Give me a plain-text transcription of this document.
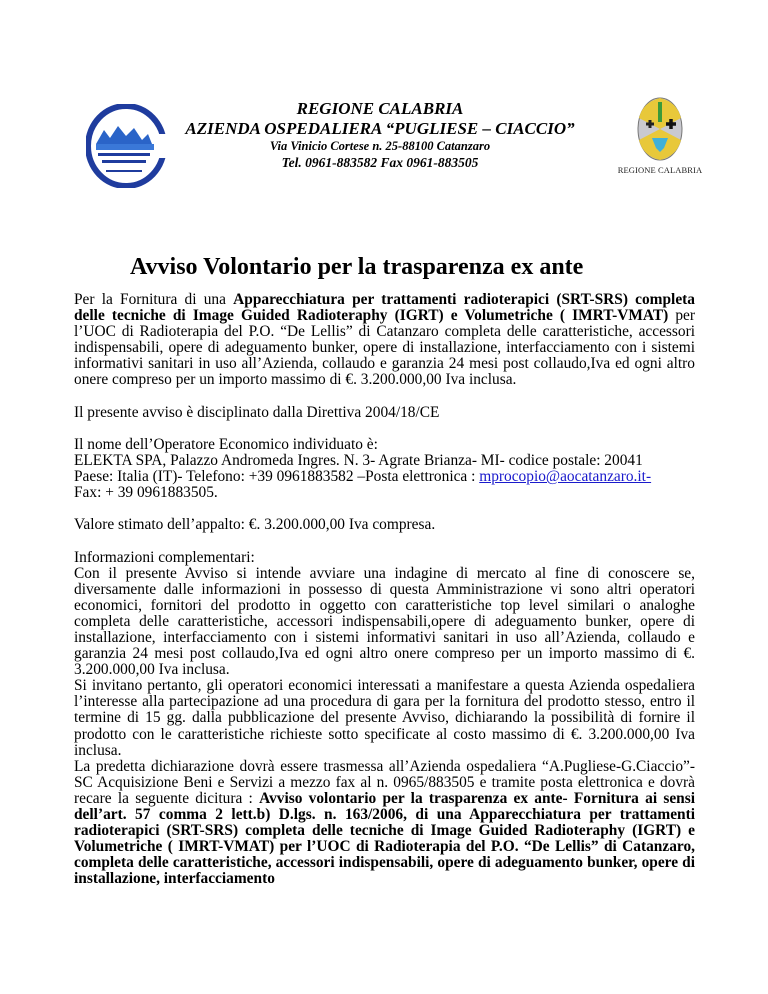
REGIONE CALABRIA
AZIENDA OSPEDALIERA “PUGLIESE – CIACCIO”
Via Vinicio Cortese n. 25-88100 Catanzaro
Tel. 0961-883582 Fax 0961-883505	REGIONE CALABRIA
Avviso Volontario per la trasparenza ex ante

Per la Fornitura di una Apparecchiatura per trattamenti radioterapici (SRT-SRS) completa delle tecniche di Image Guided Radioteraphy (IGRT) e Volumetriche ( IMRT-VMAT) per l’UOC di Radioterapia del P.O. “De Lellis” di Catanzaro completa delle caratteristiche, accessori indispensabili, opere di adeguamento bunker, opere di installazione, interfacciamento con i sistemi informativi sanitari in uso all’Azienda, collaudo e garanzia 24 mesi post collaudo,Iva ed ogni altro onere compreso per un importo massimo di €. 3.200.000,00 Iva inclusa.

Il presente avviso è disciplinato dalla Direttiva 2004/18/CE

Il nome dell’Operatore Economico individuato è:

ELEKTA SPA, Palazzo Andromeda Ingres. N. 3- Agrate Brianza- MI- codice postale: 20041

Paese: Italia (IT)- Telefono: +39 0961883582 –Posta elettronica : mprocopio@aocatanzaro.it-

Fax: + 39 0961883505.

Valore stimato dell’appalto: €. 3.200.000,00 Iva compresa.

Informazioni complementari:

Con il presente Avviso si intende avviare una indagine di mercato al fine di conoscere se, diversamente dalle informazioni in possesso di questa Amministrazione vi sono altri operatori economici, fornitori del prodotto in oggetto con caratteristiche top level similari o analoghe completa delle caratteristiche, accessori indispensabili,opere di adeguamento bunker, opere di installazione, interfacciamento con i sistemi informativi sanitari in uso all’Azienda, collaudo e garanzia 24 mesi post collaudo,Iva ed ogni altro onere compreso per un importo massimo di €. 3.200.000,00 Iva inclusa.

Si invitano pertanto, gli operatori economici interessati a manifestare a questa Azienda ospedaliera l’interesse alla partecipazione ad una procedura di gara per la fornitura del prodotto stesso, entro il termine di 15 gg. dalla pubblicazione del presente Avviso, dichiarando la possibilità di fornire il prodotto con le caratteristiche richieste sotto specificate al costo massimo di €. 3.200.000,00 Iva inclusa.

La predetta dichiarazione dovrà essere trasmessa all’Azienda ospedaliera “A.Pugliese-G.Ciaccio”- SC Acquisizione Beni e Servizi a mezzo fax al n. 0965/883505 e tramite posta elettronica e dovrà recare la seguente dicitura : Avviso volontario per la trasparenza ex ante- Fornitura ai sensi dell’art. 57 comma 2 lett.b) D.lgs. n. 163/2006, di una Apparecchiatura per trattamenti radioterapici (SRT-SRS) completa delle tecniche di Image Guided Radioteraphy (IGRT) e Volumetriche ( IMRT-VMAT) per l’UOC di Radioterapia del P.O. “De Lellis” di Catanzaro, completa delle caratteristiche, accessori indispensabili, opere di adeguamento bunker, opere di installazione, interfacciamento
